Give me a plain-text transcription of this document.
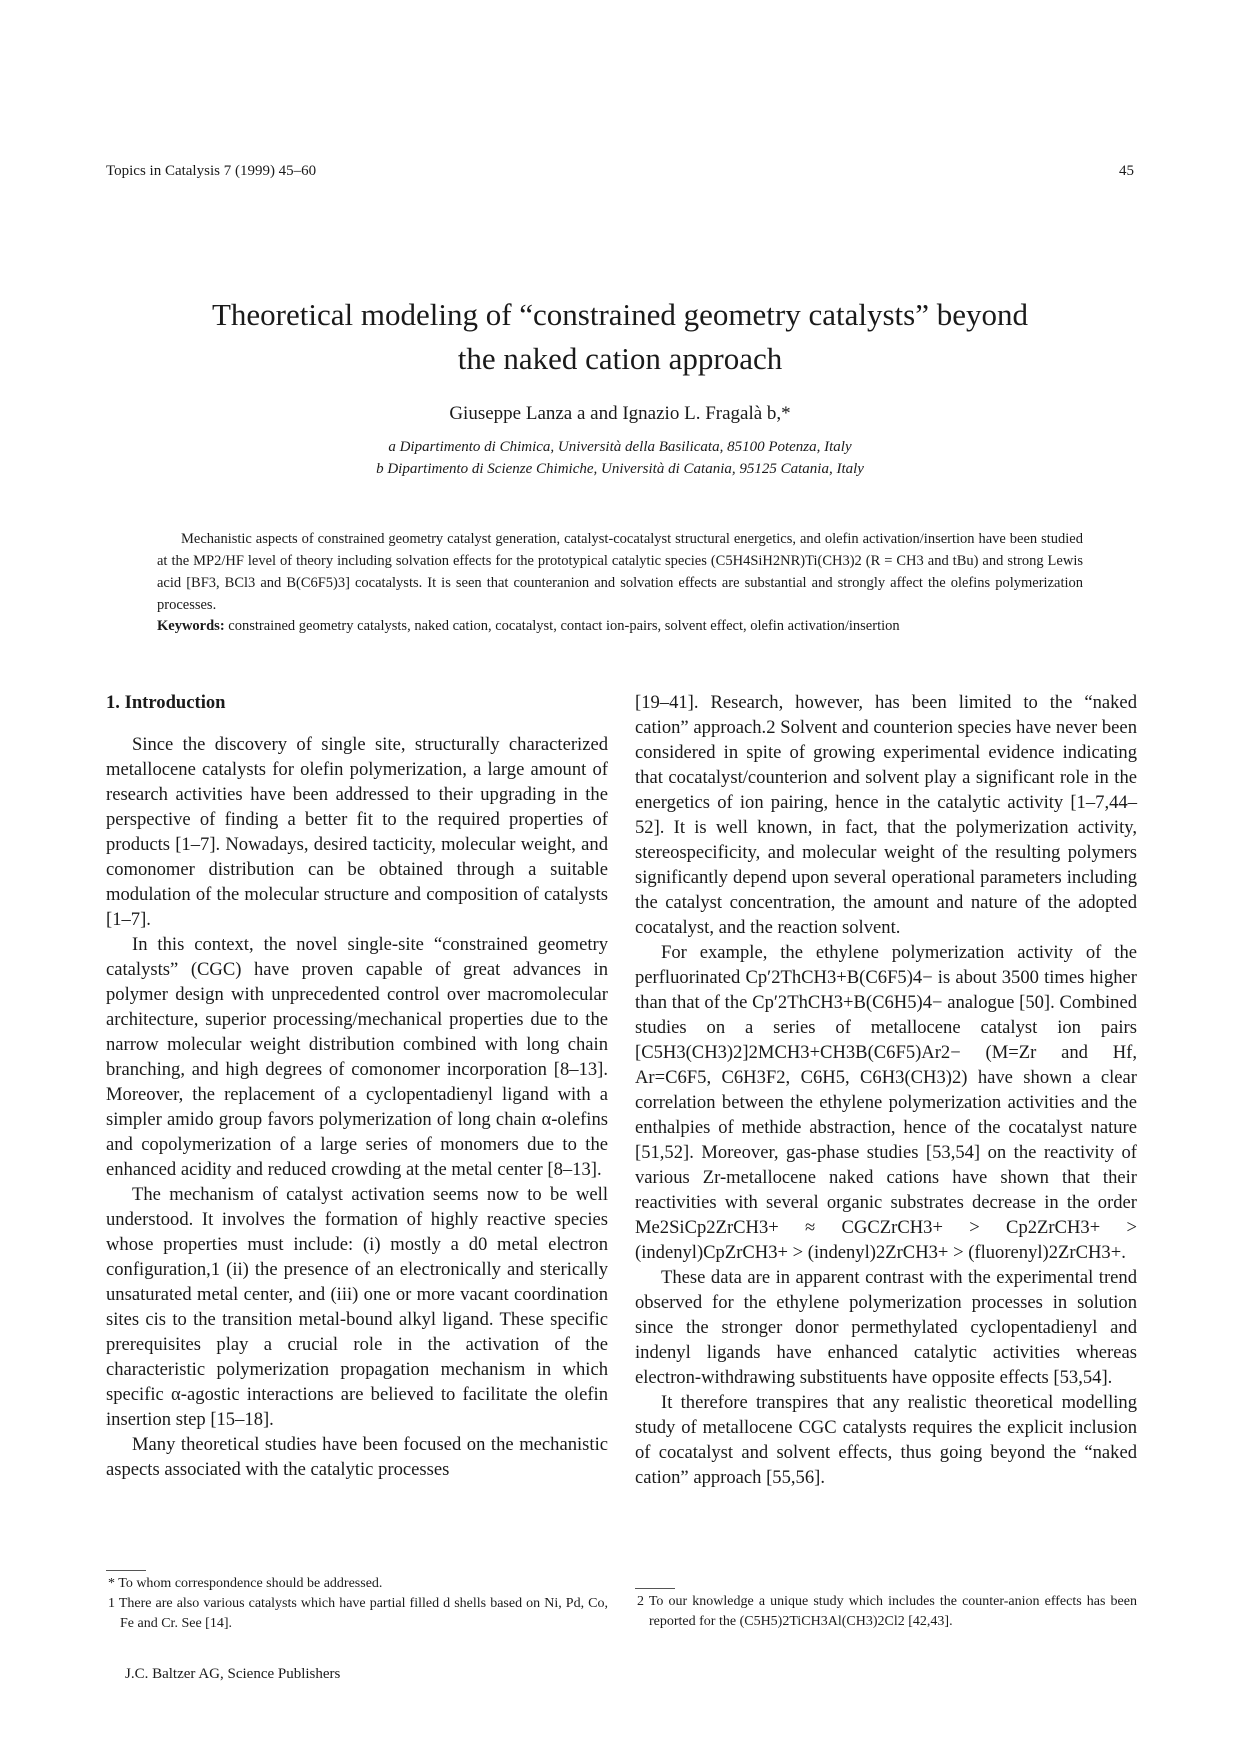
Topics in Catalysis 7 (1999) 45–60	45
Theoretical modeling of “constrained geometry catalysts” beyond
the naked cation approach
Giuseppe Lanza a and Ignazio L. Fragalà b,*
a Dipartimento di Chimica, Università della Basilicata, 85100 Potenza, Italy
b Dipartimento di Scienze Chimiche, Università di Catania, 95125 Catania, Italy
Mechanistic aspects of constrained geometry catalyst generation, catalyst-cocatalyst structural energetics, and olefin activation/insertion have been studied at the MP2/HF level of theory including solvation effects for the prototypical catalytic species (C5H4SiH2NR)Ti(CH3)2 (R = CH3 and tBu) and strong Lewis acid [BF3, BCl3 and B(C6F5)3] cocatalysts. It is seen that counteranion and solvation effects are substantial and strongly affect the olefins polymerization processes.
Keywords: constrained geometry catalysts, naked cation, cocatalyst, contact ion-pairs, solvent effect, olefin activation/insertion
1. Introduction

Since the discovery of single site, structurally characterized metallocene catalysts for olefin polymerization, a large amount of research activities have been addressed to their upgrading in the perspective of finding a better fit to the required properties of products [1–7]. Nowadays, desired tacticity, molecular weight, and comonomer distribution can be obtained through a suitable modulation of the molecular structure and composition of catalysts [1–7].

In this context, the novel single-site “constrained geometry catalysts” (CGC) have proven capable of great advances in polymer design with unprecedented control over macromolecular architecture, superior processing/mechanical properties due to the narrow molecular weight distribution combined with long chain branching, and high degrees of comonomer incorporation [8–13]. Moreover, the replacement of a cyclopentadienyl ligand with a simpler amido group favors polymerization of long chain α-olefins and copolymerization of a large series of monomers due to the enhanced acidity and reduced crowding at the metal center [8–13].

The mechanism of catalyst activation seems now to be well understood. It involves the formation of highly reactive species whose properties must include: (i) mostly a d0 metal electron configuration,1 (ii) the presence of an electronically and sterically unsaturated metal center, and (iii) one or more vacant coordination sites cis to the transition metal-bound alkyl ligand. These specific prerequisites play a crucial role in the activation of the characteristic polymerization propagation mechanism in which specific α-agostic interactions are believed to facilitate the olefin insertion step [15–18].

Many theoretical studies have been focused on the mechanistic aspects associated with the catalytic processes

[19–41]. Research, however, has been limited to the “naked cation” approach.2 Solvent and counterion species have never been considered in spite of growing experimental evidence indicating that cocatalyst/counterion and solvent play a significant role in the energetics of ion pairing, hence in the catalytic activity [1–7,44–52]. It is well known, in fact, that the polymerization activity, stereospecificity, and molecular weight of the resulting polymers significantly depend upon several operational parameters including the catalyst concentration, the amount and nature of the adopted cocatalyst, and the reaction solvent.

For example, the ethylene polymerization activity of the perfluorinated Cp′2ThCH3+B(C6F5)4− is about 3500 times higher than that of the Cp′2ThCH3+B(C6H5)4− analogue [50]. Combined studies on a series of metallocene catalyst ion pairs [C5H3(CH3)2]2MCH3+CH3B(C6F5)Ar2− (M=Zr and Hf, Ar=C6F5, C6H3F2, C6H5, C6H3(CH3)2) have shown a clear correlation between the ethylene polymerization activities and the enthalpies of methide abstraction, hence of the cocatalyst nature [51,52]. Moreover, gas-phase studies [53,54] on the reactivity of various Zr-metallocene naked cations have shown that their reactivities with several organic substrates decrease in the order Me2SiCp2ZrCH3+ ≈ CGCZrCH3+ > Cp2ZrCH3+ > (indenyl)CpZrCH3+ > (indenyl)2ZrCH3+ > (fluorenyl)2ZrCH3+.

These data are in apparent contrast with the experimental trend observed for the ethylene polymerization processes in solution since the stronger donor permethylated cyclopentadienyl and indenyl ligands have enhanced catalytic activities whereas electron-withdrawing substituents have opposite effects [53,54].

It therefore transpires that any realistic theoretical modelling study of metallocene CGC catalysts requires the explicit inclusion of cocatalyst and solvent effects, thus going beyond the “naked cation” approach [55,56].

* To whom correspondence should be addressed.
1 There are also various catalysts which have partial filled d shells based on Ni, Pd, Co, Fe and Cr. See [14].
2 To our knowledge a unique study which includes the counter-anion effects has been reported for the (C5H5)2TiCH3Al(CH3)2Cl2 [42,43].
J.C. Baltzer AG, Science Publishers
